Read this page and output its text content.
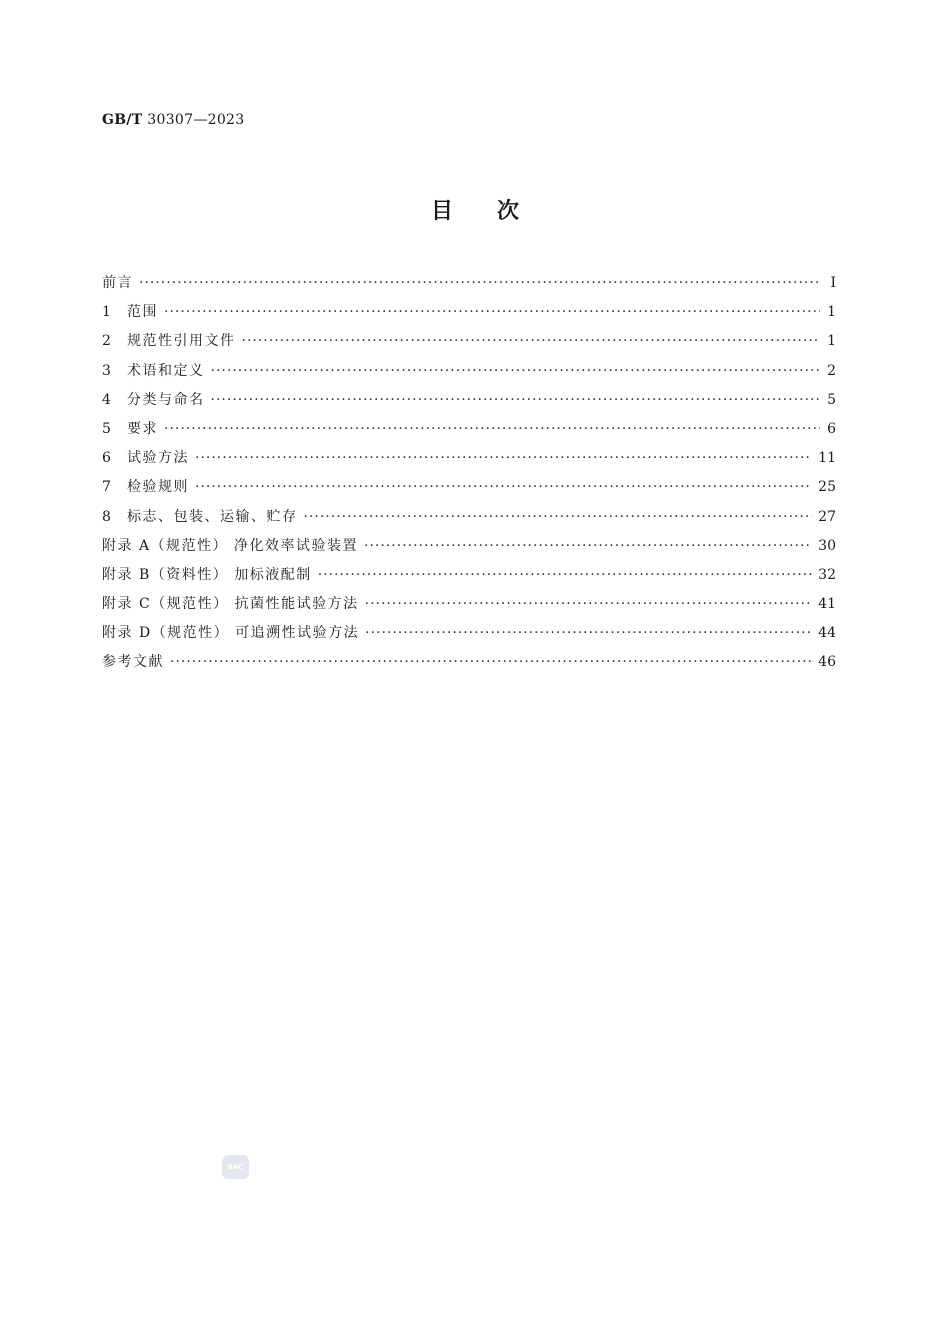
GB/T 30307—2023
目次
前言 ·····	Ⅰ
1	范围 ·····	1
2	规范性引用文件 ·····	1
3	术语和定义 ·····	2
4	分类与命名 ·····	5
5	要求 ·····	6
6	试验方法 ·····	11
7	检验规则 ·····	25
8	标志、包装、运输、贮存 ·····	27
附录 A（规范性） 净化效率试验装置 ·····	30
附录 B（资料性） 加标液配制 ·····	32
附录 C（规范性） 抗菌性能试验方法 ·····	41
附录 D（规范性） 可追溯性试验方法 ·····	44
参考文献 ·····	46
SAC
